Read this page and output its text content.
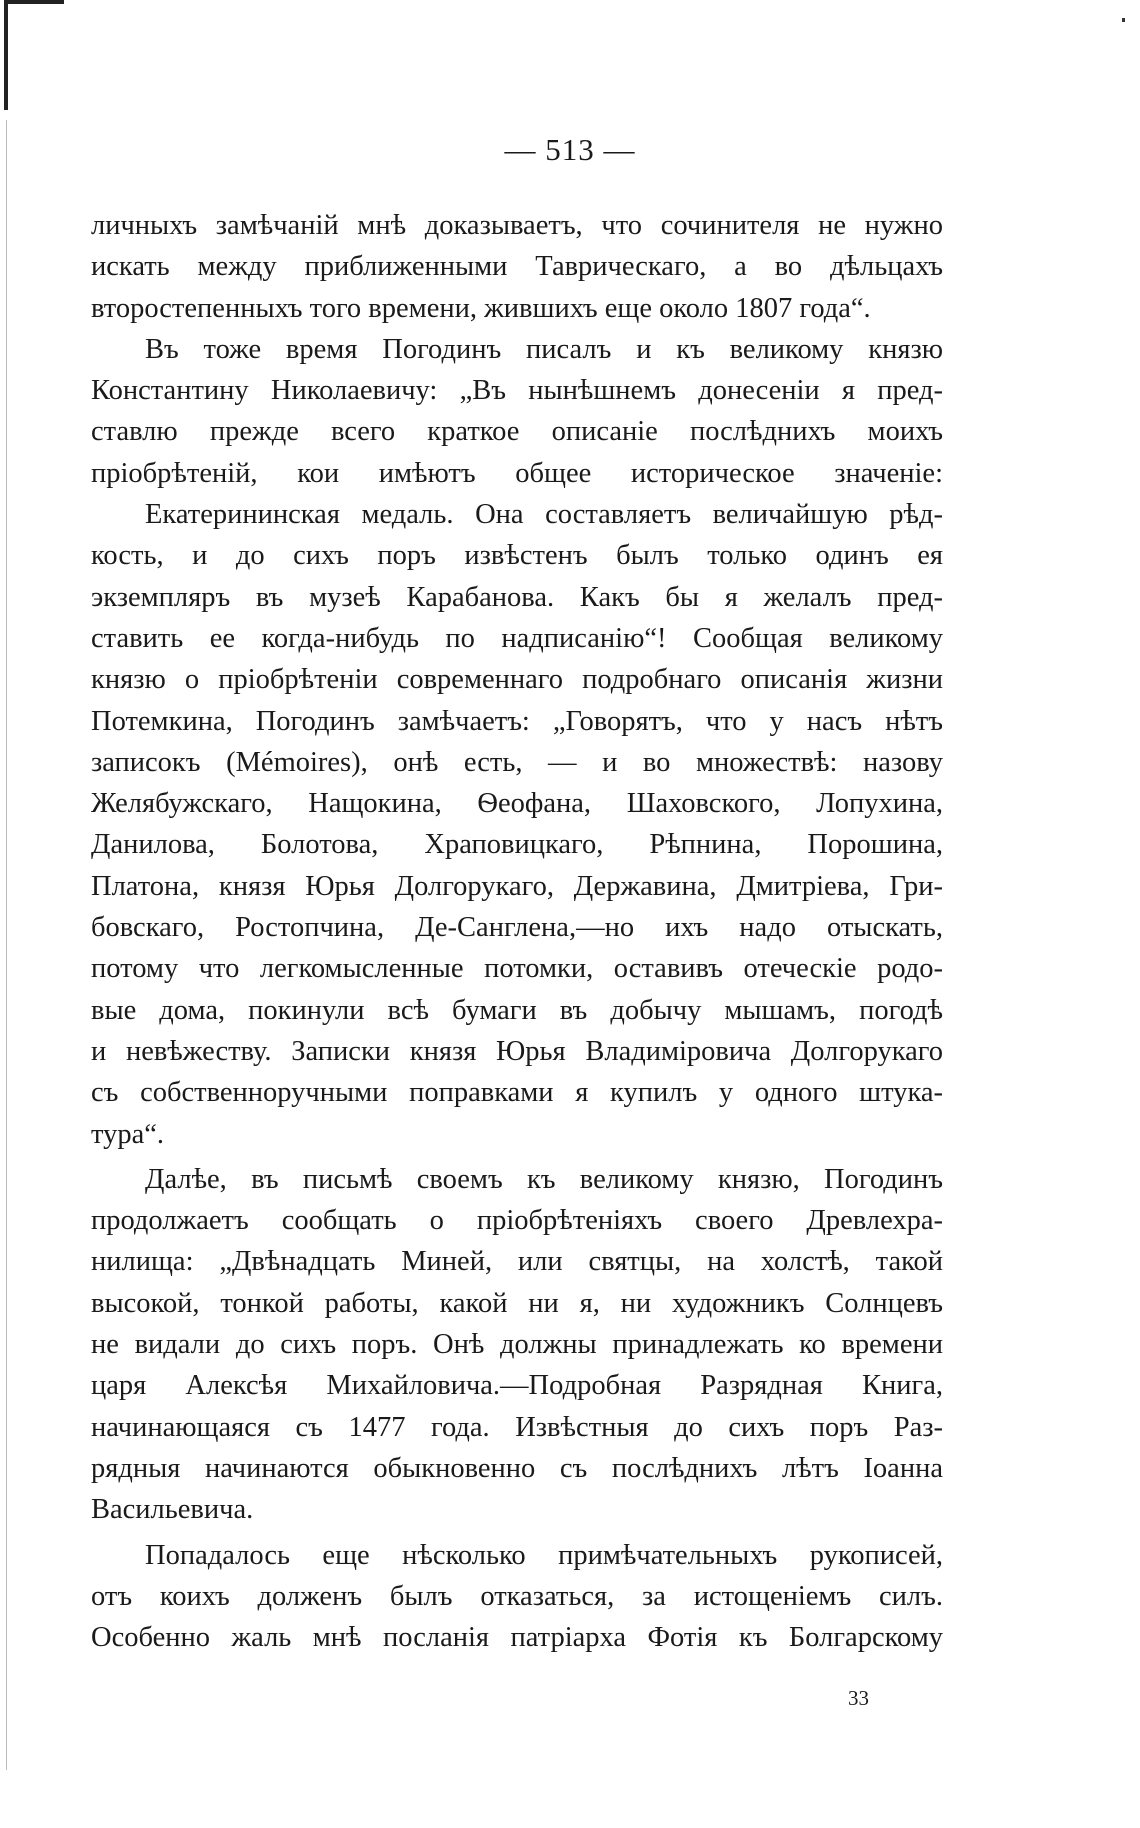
— 513 —
личныхъ замѣчаній мнѣ доказываетъ, что сочинителя не нужно
искать между приближенными Таврическаго, а во дѣльцахъ
второстепенныхъ того времени, жившихъ еще около 1807 года“.
Въ тоже время Погодинъ писалъ и къ великому князю
Константину Николаевичу: „Въ нынѣшнемъ донесеніи я пред-
ставлю прежде всего краткое описаніе послѣднихъ моихъ
пріобрѣтеній, кои имѣютъ общее историческое значеніе:
Екатерининская медаль. Она составляетъ величайшую рѣд-
кость, и до сихъ поръ извѣстенъ былъ только одинъ ея
экземпляръ въ музеѣ Карабанова. Какъ бы я желалъ пред-
ставить ее когда-нибудь по надписанію“! Сообщая великому
князю о пріобрѣтеніи современнаго подробнаго описанія жизни
Потемкина, Погодинъ замѣчаетъ: „Говорятъ, что у насъ нѣтъ
записокъ (Mémoires), онѣ есть, — и во множествѣ: назову
Желябужскаго, Нащокина, Ѳеофана, Шаховского, Лопухина,
Данилова, Болотова, Храповицкаго, Рѣпнина, Порошина,
Платона, князя Юрья Долгорукаго, Державина, Дмитріева, Гри-
бовскаго, Ростопчина, Де-Санглена,—но ихъ надо отыскать,
потому что легкомысленные потомки, оставивъ отеческіе родо-
вые дома, покинули всѣ бумаги въ добычу мышамъ, погодѣ
и невѣжеству. Записки князя Юрья Владиміровича Долгорукаго
съ собственноручными поправками я купилъ у одного штука-
тура“.
Далѣе, въ письмѣ своемъ къ великому князю, Погодинъ
продолжаетъ сообщать о пріобрѣтеніяхъ своего Древлехра-
нилища: „Двѣнадцать Миней, или святцы, на холстѣ, такой
высокой, тонкой работы, какой ни я, ни художникъ Солнцевъ
не видали до сихъ поръ. Онѣ должны принадлежать ко времени
царя Алексѣя Михайловича.—Подробная Разрядная Книга,
начинающаяся съ 1477 года. Извѣстныя до сихъ поръ Раз-
рядныя начинаются обыкновенно съ послѣднихъ лѣтъ Іоанна
Васильевича.
Попадалось еще нѣсколько примѣчательныхъ рукописей,
отъ коихъ долженъ былъ отказаться, за истощеніемъ силъ.
Особенно жаль мнѣ посланія патріарха Фотія къ Болгарскому
33
